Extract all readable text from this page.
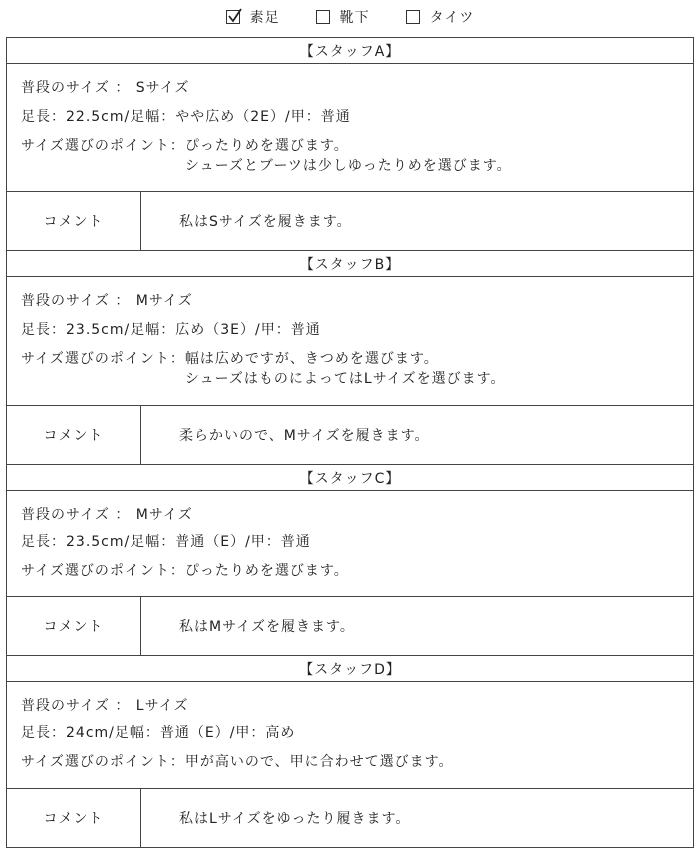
素足	靴下	タイツ
【スタッフA】
普段のサイズ ： Sサイズ
足長：22.5cm/足幅：やや広め（2E）/甲：普通
サイズ選びのポイント： ぴったりめを選びます。
シューズとブーツは少しゆったりめを選びます。
コメント	私はSサイズを履きます。
【スタッフB】
普段のサイズ ： Mサイズ
足長：23.5cm/足幅：広め（3E）/甲：普通
サイズ選びのポイント： 幅は広めですが、きつめを選びます。
シューズはものによってはLサイズを選びます。
コメント	柔らかいので、Mサイズを履きます。
【スタッフC】
普段のサイズ ： Mサイズ
足長：23.5cm/足幅：普通（E）/甲：普通
サイズ選びのポイント： ぴったりめを選びます。
コメント	私はMサイズを履きます。
【スタッフD】
普段のサイズ ： Lサイズ
足長：24cm/足幅：普通（E）/甲：高め
サイズ選びのポイント： 甲が高いので、甲に合わせて選びます。
コメント	私はLサイズをゆったり履きます。
